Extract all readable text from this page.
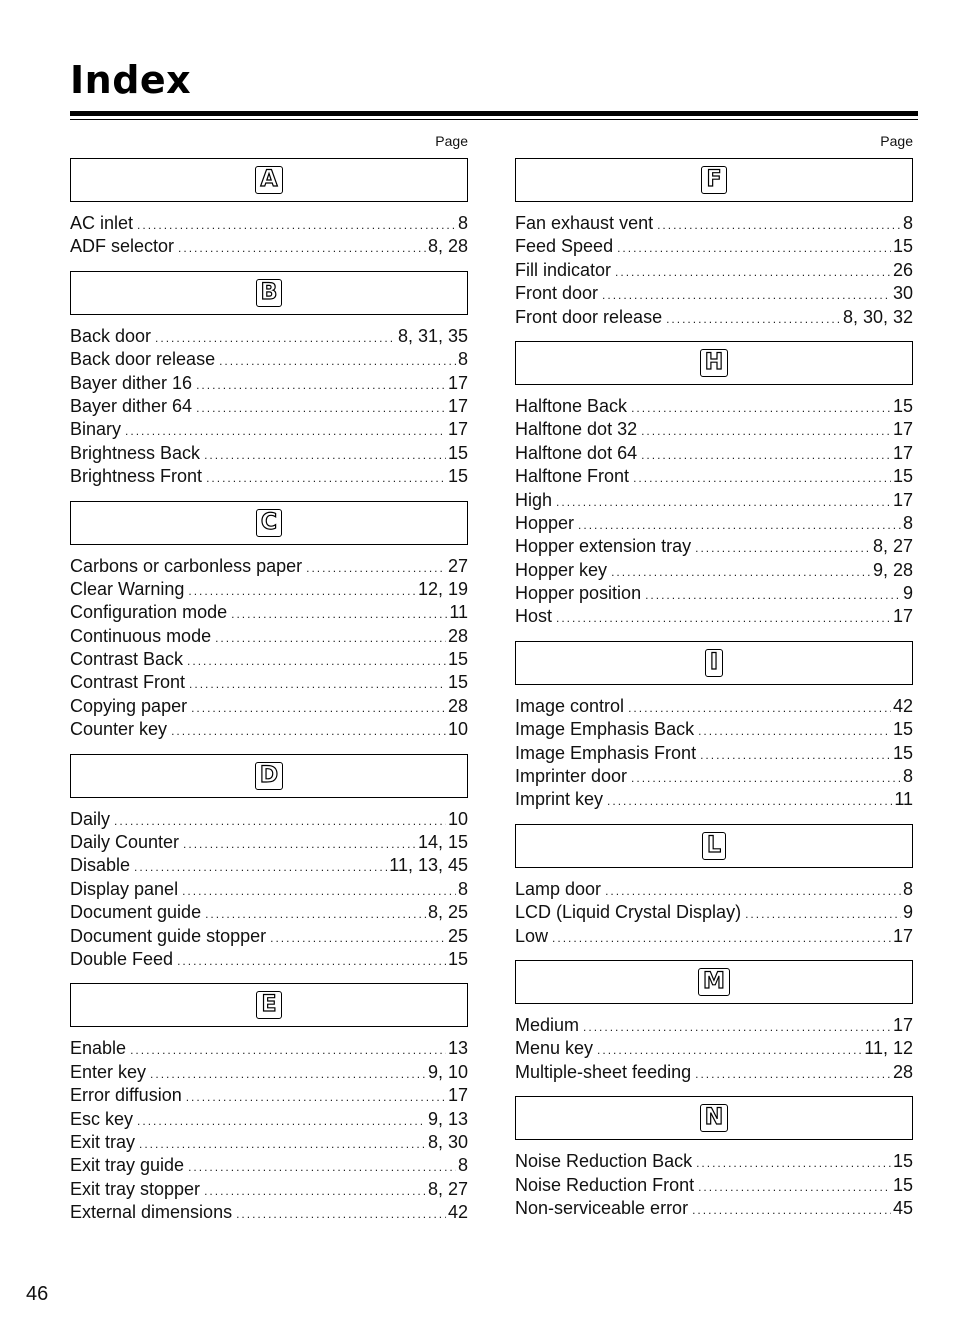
Index
Page
A
AC inlet .....	8
ADF selector .....	8, 28
B
Back door .....	8, 31, 35
Back door release .....	8
Bayer dither 16 .....	17
Bayer dither 64 .....	17
Binary .....	17
Brightness Back .....	15
Brightness Front .....	15
C
Carbons or carbonless paper .....	27
Clear Warning .....	12, 19
Configuration mode .....	11
Continuous mode .....	28
Contrast Back .....	15
Contrast Front .....	15
Copying paper .....	28
Counter key .....	10
D
Daily .....	10
Daily Counter .....	14, 15
Disable .....	11, 13, 45
Display panel .....	8
Document guide .....	8, 25
Document guide stopper .....	25
Double Feed .....	15
E
Enable .....	13
Enter key .....	9, 10
Error diffusion .....	17
Esc key .....	9, 13
Exit tray .....	8, 30
Exit tray guide .....	8
Exit tray stopper .....	8, 27
External dimensions .....	42
Page
F
Fan exhaust vent .....	8
Feed Speed .....	15
Fill indicator .....	26
Front door .....	30
Front door release .....	8, 30, 32
H
Halftone Back .....	15
Halftone dot 32 .....	17
Halftone dot 64 .....	17
Halftone Front .....	15
High .....	17
Hopper .....	8
Hopper extension tray .....	8, 27
Hopper key .....	9, 28
Hopper position .....	9
Host .....	17
I
Image control .....	42
Image Emphasis Back .....	15
Image Emphasis Front .....	15
Imprinter door .....	8
Imprint key .....	11
L
Lamp door .....	8
LCD (Liquid Crystal Display) .....	9
Low .....	17
M
Medium .....	17
Menu key .....	11, 12
Multiple-sheet feeding .....	28
N
Noise Reduction Back .....	15
Noise Reduction Front .....	15
Non-serviceable error .....	45
46
